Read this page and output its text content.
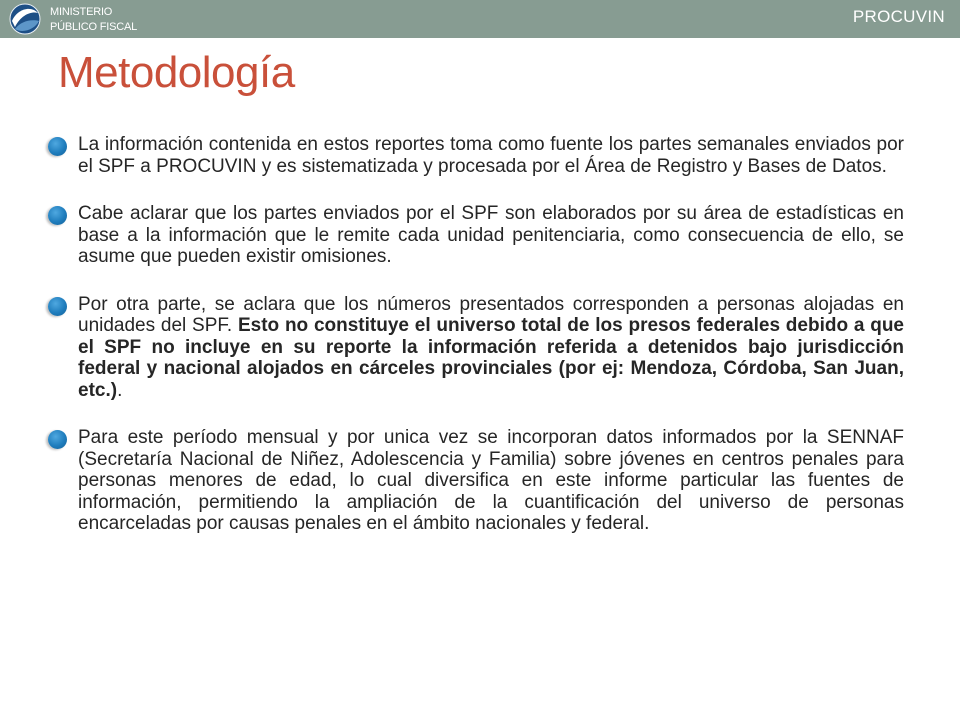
MINISTERIO
PÚBLICO FISCAL
PROCUVIN
Metodología

La información contenida en estos reportes toma como fuente los partes semanales enviados por el SPF a PROCUVIN y es sistematizada y procesada por el Área de Registro y Bases de Datos.

Cabe aclarar que los partes enviados por el SPF son elaborados por su área de estadísticas en base a la información que le remite cada unidad penitenciaria, como consecuencia de ello, se asume que pueden existir omisiones.

Por otra parte, se aclara que los números presentados corresponden a personas alojadas en unidades del SPF. Esto no constituye el universo total de los presos federales debido a que el SPF no incluye en su reporte la información referida a detenidos bajo jurisdicción federal y nacional alojados en cárceles provinciales (por ej: Mendoza, Córdoba, San Juan, etc.).

Para este período mensual y por unica vez se incorporan datos informados por la SENNAF (Secretaría Nacional de Niñez, Adolescencia y Familia) sobre jóvenes en centros penales para personas menores de edad, lo cual diversifica en este informe particular las fuentes de información, permitiendo la ampliación de la cuantificación del universo de personas encarceladas por causas penales en el ámbito nacionales y federal.
